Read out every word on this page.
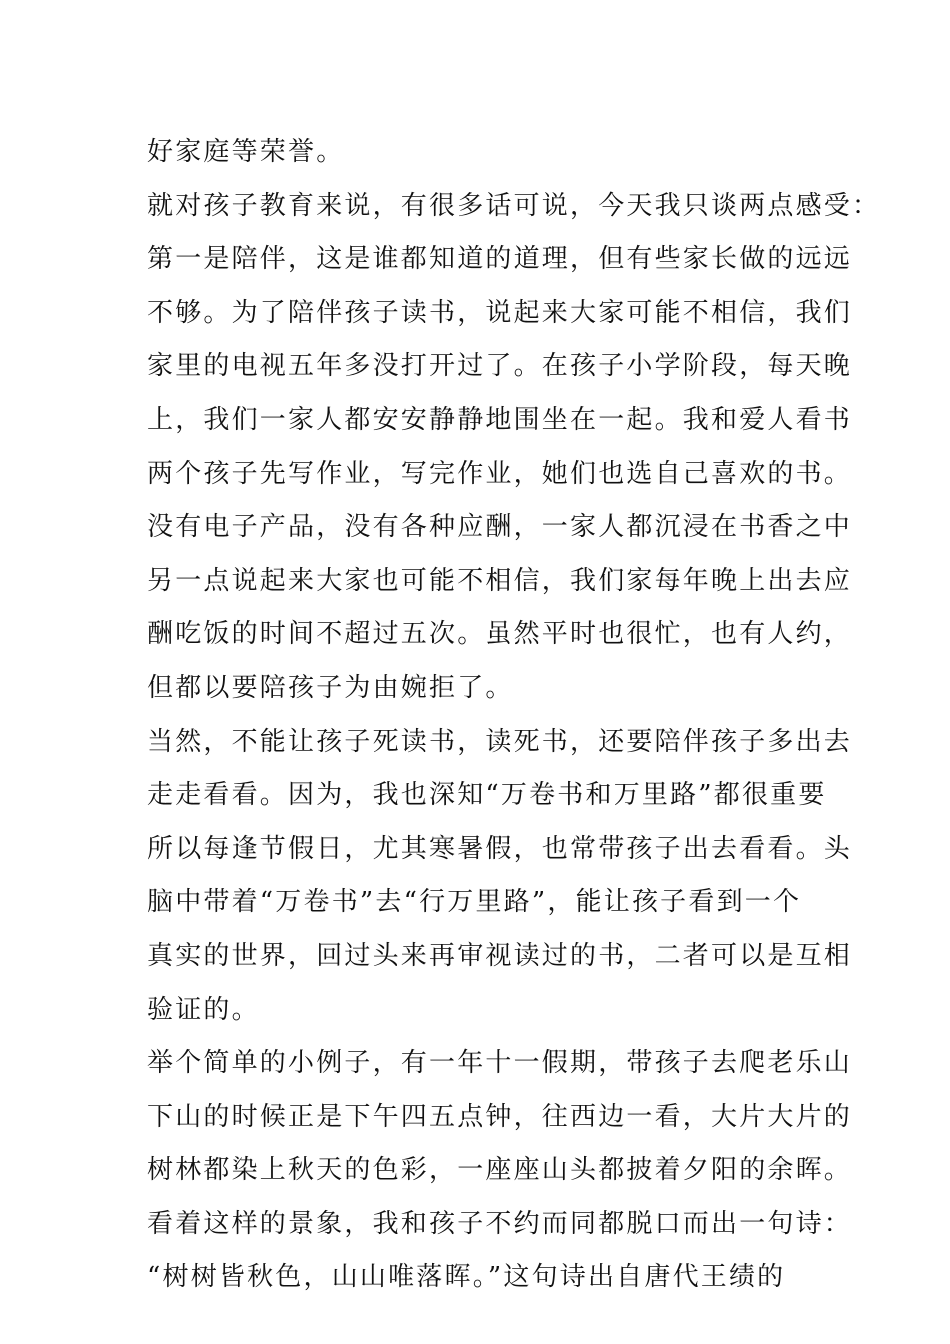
好家庭等荣誉。
就对孩子教育来说，有很多话可说，今天我只谈两点感受：
第一是陪伴，这是谁都知道的道理，但有些家长做的远远
不够。为了陪伴孩子读书，说起来大家可能不相信，我们
家里的电视五年多没打开过了。在孩子小学阶段，每天晚
上，我们一家人都安安静静地围坐在一起。我和爱人看书
两个孩子先写作业，写完作业，她们也选自己喜欢的书。
没有电子产品，没有各种应酬，一家人都沉浸在书香之中
另一点说起来大家也可能不相信，我们家每年晚上出去应
酬吃饭的时间不超过五次。虽然平时也很忙，也有人约，
但都以要陪孩子为由婉拒了。
当然，不能让孩子死读书，读死书，还要陪伴孩子多出去
走走看看。因为，我也深知“万卷书和万里路”都很重要
所以每逢节假日，尤其寒暑假，也常带孩子出去看看。头
脑中带着“万卷书”去“行万里路”，能让孩子看到一个
真实的世界，回过头来再审视读过的书，二者可以是互相
验证的。
举个简单的小例子，有一年十一假期，带孩子去爬老乐山
下山的时候正是下午四五点钟，往西边一看，大片大片的
树林都染上秋天的色彩，一座座山头都披着夕阳的余晖。
看着这样的景象，我和孩子不约而同都脱口而出一句诗：
“树树皆秋色，山山唯落晖。”这句诗出自唐代王绩的
